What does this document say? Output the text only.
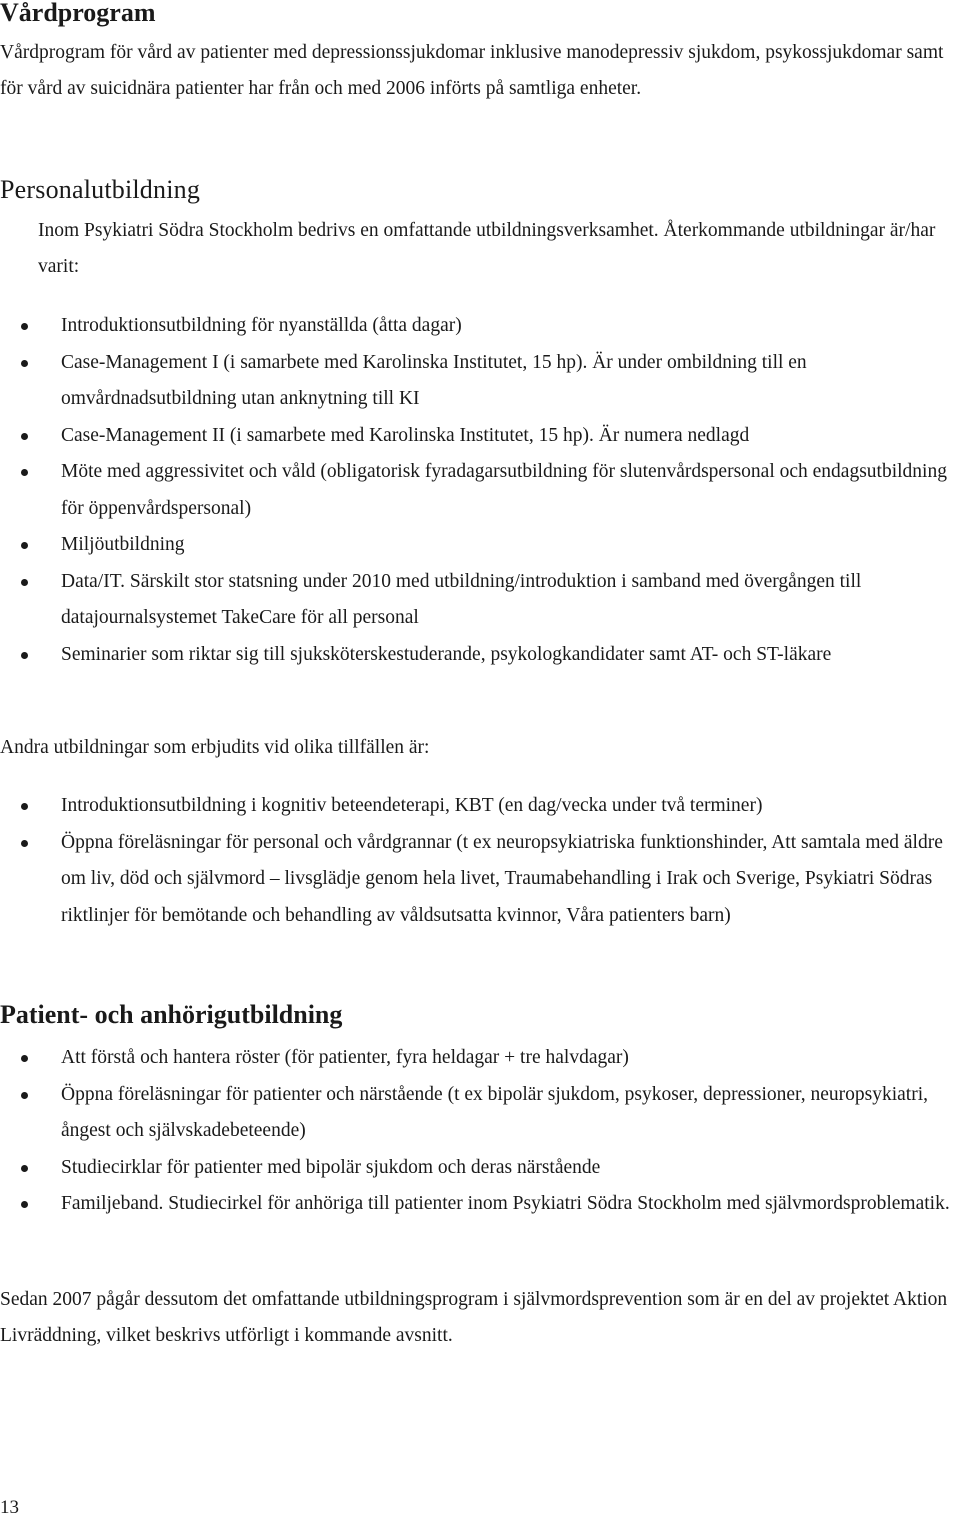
Vårdprogram

Vårdprogram för vård av patienter med depressionssjukdomar inklusive manodepressiv sjukdom, psykossjukdomar samt för vård av suicidnära patienter har från och med 2006 införts på samtliga enheter.

Personalutbildning

Inom Psykiatri Södra Stockholm bedrivs en omfattande utbildningsverksamhet. Återkommande utbildningar är/har varit:

Introduktionsutbildning för nyanställda (åtta dagar)
Case-Management I (i samarbete med Karolinska Institutet, 15 hp). Är under ombildning till en omvårdnadsutbildning utan anknytning till KI
Case-Management II (i samarbete med Karolinska Institutet, 15 hp). Är numera nedlagd
Möte med aggressivitet och våld (obligatorisk fyradagarsutbildning för slutenvårdspersonal och endagsutbildning för öppenvårdspersonal)
Miljöutbildning
Data/IT. Särskilt stor statsning under 2010 med utbildning/introduktion i samband med övergången till datajournalsystemet TakeCare för all personal
Seminarier som riktar sig till sjuksköterskestuderande, psykologkandidater samt AT- och ST-läkare

Andra utbildningar som erbjudits vid olika tillfällen är:

Introduktionsutbildning i kognitiv beteendeterapi, KBT (en dag/vecka under två terminer)
Öppna föreläsningar för personal och vårdgrannar (t ex neuropsykiatriska funktionshinder, Att samtala med äldre om liv, död och självmord – livsglädje genom hela livet, Traumabehandling i Irak och Sverige, Psykiatri Södras riktlinjer för bemötande och behandling av våldsutsatta kvinnor, Våra patienters barn)
Patient- och anhörigutbildning
Att förstå och hantera röster (för patienter, fyra heldagar + tre halvdagar)
Öppna föreläsningar för patienter och närstående (t ex bipolär sjukdom, psykoser, depressioner, neuropsykiatri, ångest och självskadebeteende)
Studiecirklar för patienter med bipolär sjukdom och deras närstående
Familjeband. Studiecirkel för anhöriga till patienter inom Psykiatri Södra Stockholm med självmordsproblematik.

Sedan 2007 pågår dessutom det omfattande utbildningsprogram i självmordsprevention som är en del av projektet Aktion Livräddning, vilket beskrivs utförligt i kommande avsnitt.

13
